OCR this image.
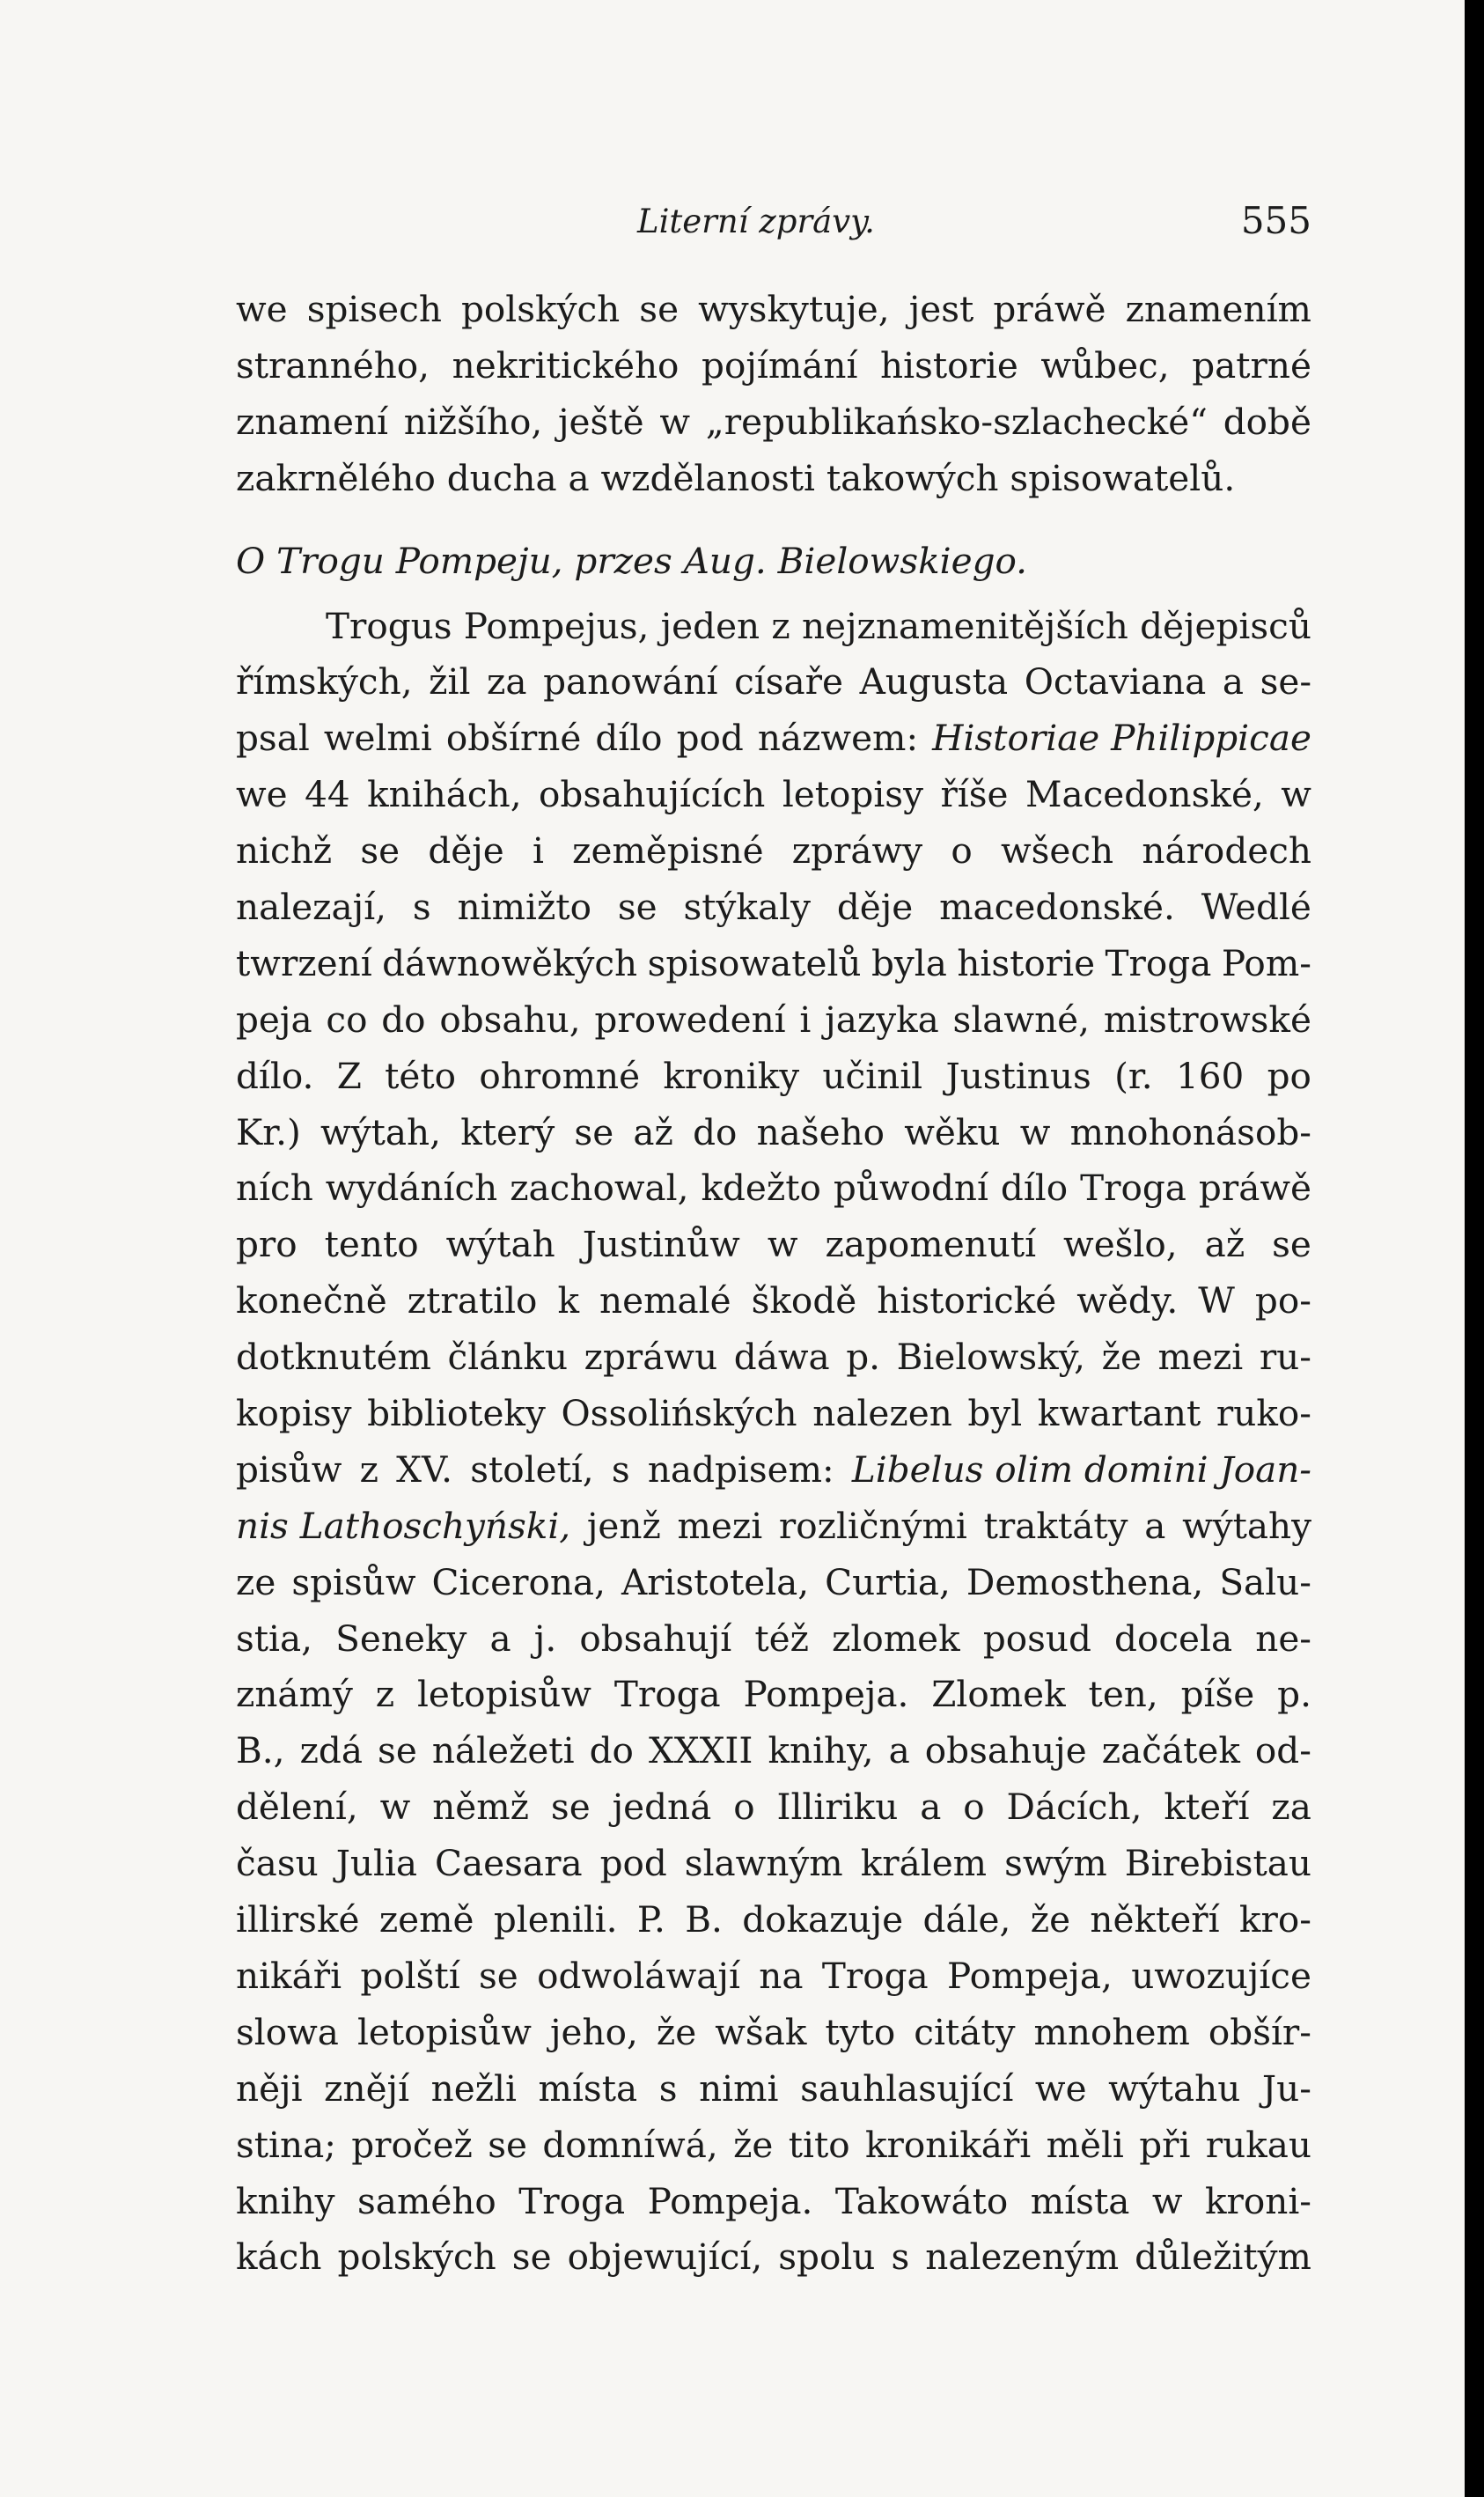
Literní zprávy.	555
we spisech polských se wyskytuje, jest práwě znamením
stranného, nekritického pojímání historie wůbec, patrné
znamení nižšího, ještě w „republikańsko-szlachecké“ době
zakrnělého ducha a wzdělanosti takowých spisowatelů.
O Trogu Pompeju, przes Aug. Bielowskiego.
Trogus Pompejus, jeden z nejznamenitějších dějepisců
římských, žil za panowání císaře Augusta Octaviana a se-
psal welmi obšírné dílo pod názwem: Historiae Philippicae
we 44 knihách, obsahujících letopisy říše Macedonské, w
nichž se děje i zeměpisné zpráwy o wšech národech
nalezají, s nimižto se stýkaly děje macedonské. Wedlé
twrzení dáwnowěkých spisowatelů byla historie Troga Pom-
peja co do obsahu, prowedení i jazyka slawné, mistrowské
dílo. Z této ohromné kroniky učinil Justinus (r. 160 po
Kr.) wýtah, který se až do našeho wěku w mnohonásob-
ních wydáních zachowal, kdežto půwodní dílo Troga práwě
pro tento wýtah Justinůw w zapomenutí wešlo, až se
konečně ztratilo k nemalé škodě historické wědy. W po-
dotknutém článku zpráwu dáwa p. Bielowský, že mezi ru-
kopisy biblioteky Ossolińských nalezen byl kwartant ruko-
pisůw z XV. století, s nadpisem: Libelus olim domini Joan-
nis Lathoschyński, jenž mezi rozličnými traktáty a wýtahy
ze spisůw Cicerona, Aristotela, Curtia, Demosthena, Salu-
stia, Seneky a j. obsahují též zlomek posud docela ne-
známý z letopisůw Troga Pompeja. Zlomek ten, píše p.
B., zdá se náležeti do XXXII knihy, a obsahuje začátek od-
dělení, w němž se jedná o Illiriku a o Dácích, kteří za
času Julia Caesara pod slawným králem swým Birebistau
illirské země plenili. P. B. dokazuje dále, že někteří kro-
nikáři polští se odwoláwají na Troga Pompeja, uwozujíce
slowa letopisůw jeho, že wšak tyto citáty mnohem obšír-
něji znějí nežli místa s nimi sauhlasující we wýtahu Ju-
stina; pročež se domníwá, že tito kronikáři měli při rukau
knihy samého Troga Pompeja. Takowáto místa w kroni-
kách polských se objewující, spolu s nalezeným důležitým
